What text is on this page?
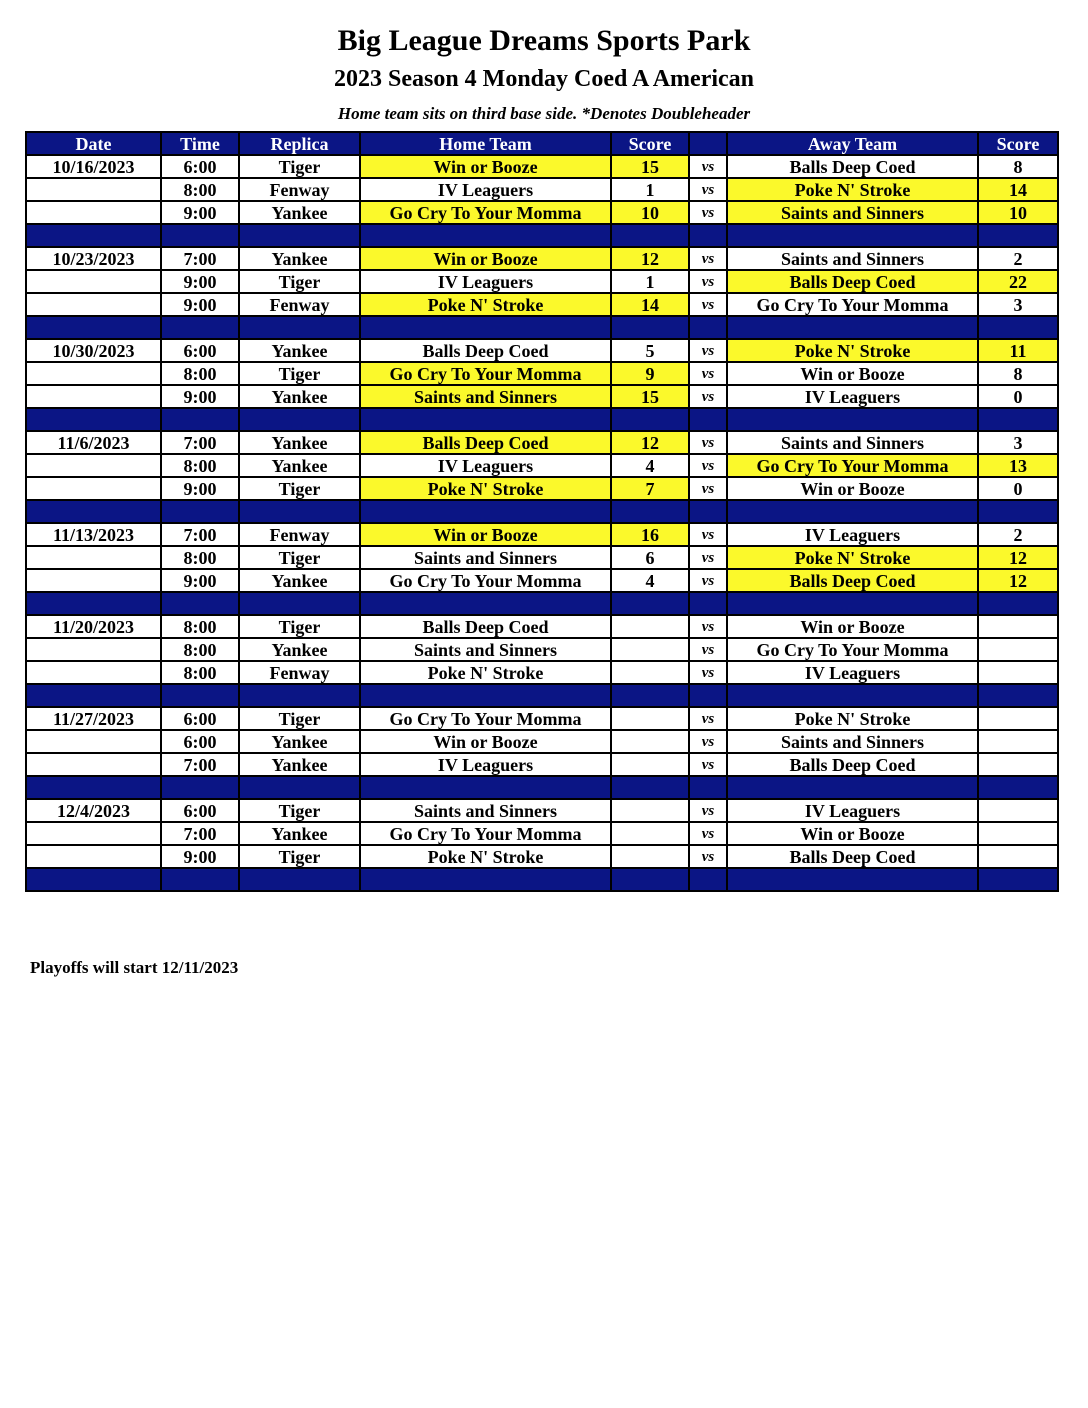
Big League Dreams Sports Park
2023 Season 4 Monday Coed A American
Home team sits on third base side. *Denotes Doubleheader
Date	Time	Replica	Home Team	Score		Away Team	Score
10/16/2023	6:00	Tiger	Win or Booze	15	vs	Balls Deep Coed	8
	8:00	Fenway	IV Leaguers	1	vs	Poke N' Stroke	14
	9:00	Yankee	Go Cry To Your Momma	10	vs	Saints and Sinners	10

10/23/2023	7:00	Yankee	Win or Booze	12	vs	Saints and Sinners	2
	9:00	Tiger	IV Leaguers	1	vs	Balls Deep Coed	22
	9:00	Fenway	Poke N' Stroke	14	vs	Go Cry To Your Momma	3

10/30/2023	6:00	Yankee	Balls Deep Coed	5	vs	Poke N' Stroke	11
	8:00	Tiger	Go Cry To Your Momma	9	vs	Win or Booze	8
	9:00	Yankee	Saints and Sinners	15	vs	IV Leaguers	0

11/6/2023	7:00	Yankee	Balls Deep Coed	12	vs	Saints and Sinners	3
	8:00	Yankee	IV Leaguers	4	vs	Go Cry To Your Momma	13
	9:00	Tiger	Poke N' Stroke	7	vs	Win or Booze	0

11/13/2023	7:00	Fenway	Win or Booze	16	vs	IV Leaguers	2
	8:00	Tiger	Saints and Sinners	6	vs	Poke N' Stroke	12
	9:00	Yankee	Go Cry To Your Momma	4	vs	Balls Deep Coed	12

11/20/2023	8:00	Tiger	Balls Deep Coed		vs	Win or Booze	
	8:00	Yankee	Saints and Sinners		vs	Go Cry To Your Momma	
	8:00	Fenway	Poke N' Stroke		vs	IV Leaguers	

11/27/2023	6:00	Tiger	Go Cry To Your Momma		vs	Poke N' Stroke	
	6:00	Yankee	Win or Booze		vs	Saints and Sinners	
	7:00	Yankee	IV Leaguers		vs	Balls Deep Coed	

12/4/2023	6:00	Tiger	Saints and Sinners		vs	IV Leaguers	
	7:00	Yankee	Go Cry To Your Momma		vs	Win or Booze	
	9:00	Tiger	Poke N' Stroke		vs	Balls Deep Coed	

Playoffs will start 12/11/2023
